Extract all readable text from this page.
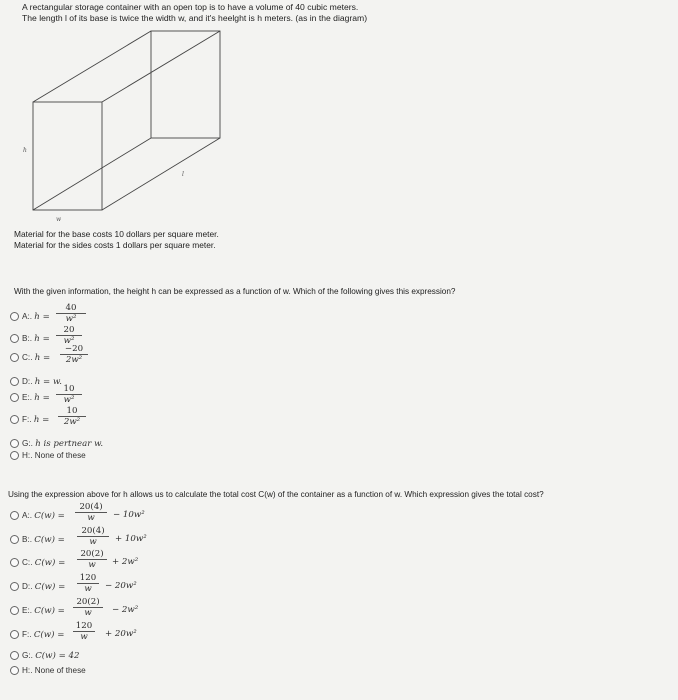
A rectangular storage container with an open top is to have a volume of 40 cubic meters.
The length l of its base is twice the width w, and it's heelght is h meters. (as in the diagram)
h
w
l
Material for the base costs 10 dollars per square meter.
Material for the sides costs 1 dollars per square meter.
With the given information, the height h can be expressed as a function of w. Which of the following gives this expression?
A:. $h = \frac{40}{\text{w²}}$
B:. $h = \frac{20}{\text{w²}}$
C:. $h = \frac{-20}{\text{2w²}}$
D:. h = w.
E:. $h = \frac{10}{\text{w²}}$
F:. $h = \frac{10}{\text{2w²}}$
G:. h is pertnear w.
H:. None of these
Using the expression above for h allows us to calculate the total cost C(w) of the container as a function of w. Which expression gives the total cost?
A:. $C(w) = \frac{20(4)}{w} - 10w^2$
B:. $C(w) = \frac{20(4)}{w} + 10w^2$
C:. $C(w) = \frac{20(2)}{w} + 2w^2$
D:. $C(w) = \frac{120}{w} - 20w^2$
E:. $C(w) = \frac{20(2)}{w} - 2w^2$
F:. $C(w) = \frac{120}{w} + 20w^2$
G:. C(w) = 42
H:. None of these
